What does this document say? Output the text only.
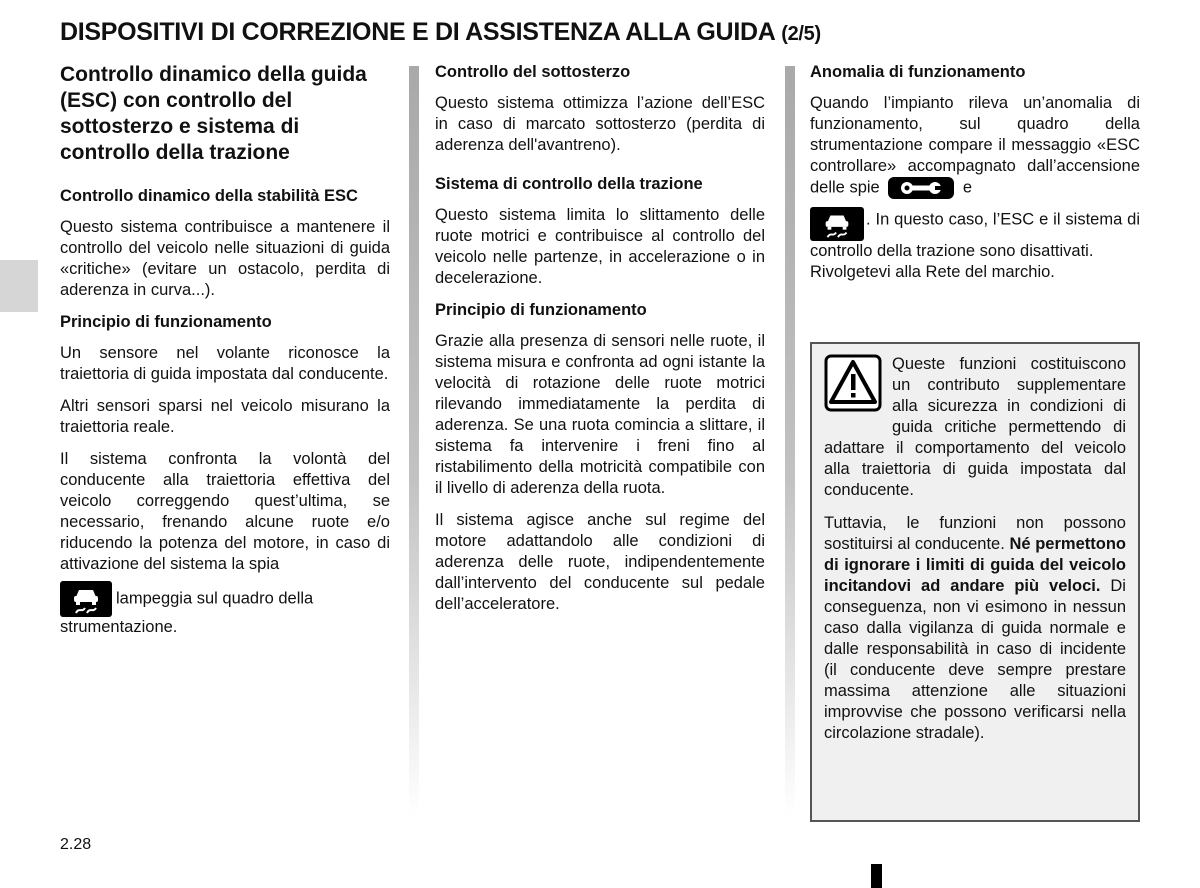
DISPOSITIVI DI CORREZIONE E DI ASSISTENZA ALLA GUIDA (2/5)
Controllo dinamico della guida (ESC) con controllo del sottosterzo e sistema di controllo della trazione
Controllo dinamico della stabilità ESC

Questo sistema contribuisce a mantenere il controllo del veicolo nelle situazioni di guida «critiche» (evitare un ostacolo, perdita di aderenza in curva...).

Principio di funzionamento

Un sensore nel volante riconosce la traiettoria di guida impostata dal conducente.

Altri sensori sparsi nel veicolo misurano la traiettoria reale.

Il sistema confronta la volontà del conducente alla traiettoria effettiva del veicolo correggendo quest’ultima, se necessario, frenando alcune ruote e/o riducendo la potenza del motore, in caso di attivazione del sistema la spia

lampeggia sul quadro della strumentazione.

Controllo del sottosterzo

Questo sistema ottimizza l’azione dell’ESC in caso di marcato sottosterzo (perdita di aderenza dell'avantreno).

Sistema di controllo della trazione

Questo sistema limita lo slittamento delle ruote motrici e contribuisce al controllo del veicolo nelle partenze, in accelerazione o in decelerazione.

Principio di funzionamento

Grazie alla presenza di sensori nelle ruote, il sistema misura e confronta ad ogni istante la velocità di rotazione delle ruote motrici rilevando immediatamente la perdita di aderenza. Se una ruota comincia a slittare, il sistema fa intervenire i freni fino al ristabilimento della motricità compatibile con il livello di aderenza della ruota.

Il sistema agisce anche sul regime del motore adattandolo alle condizioni di aderenza delle ruote, indipendentemente dall’intervento del conducente sul pedale dell’acceleratore.

Anomalia di funzionamento

Quando l’impianto rileva un’anomalia di funzionamento, sul quadro della strumentazione compare il messaggio «ESC controllare» accompagnato dall’accensione delle spie	e

. In questo caso, l’ESC e il sistema di controllo della trazione sono disattivati.

Rivolgetevi alla Rete del marchio.

Queste funzioni costituiscono un contributo supplementare alla sicurezza in condizioni di guida critiche permettendo di adattare il comportamento del veicolo alla traiettoria di guida impostata dal conducente.

Tuttavia, le funzioni non possono sostituirsi al conducente. Né permettono di ignorare i limiti di guida del veicolo incitandovi ad andare più veloci. Di conseguenza, non vi esimono in nessun caso dalla vigilanza di guida normale e dalle responsabilità in caso di incidente (il conducente deve sempre prestare massima attenzione alle situazioni improvvise che possono verificarsi nella circolazione stradale).

2.28
